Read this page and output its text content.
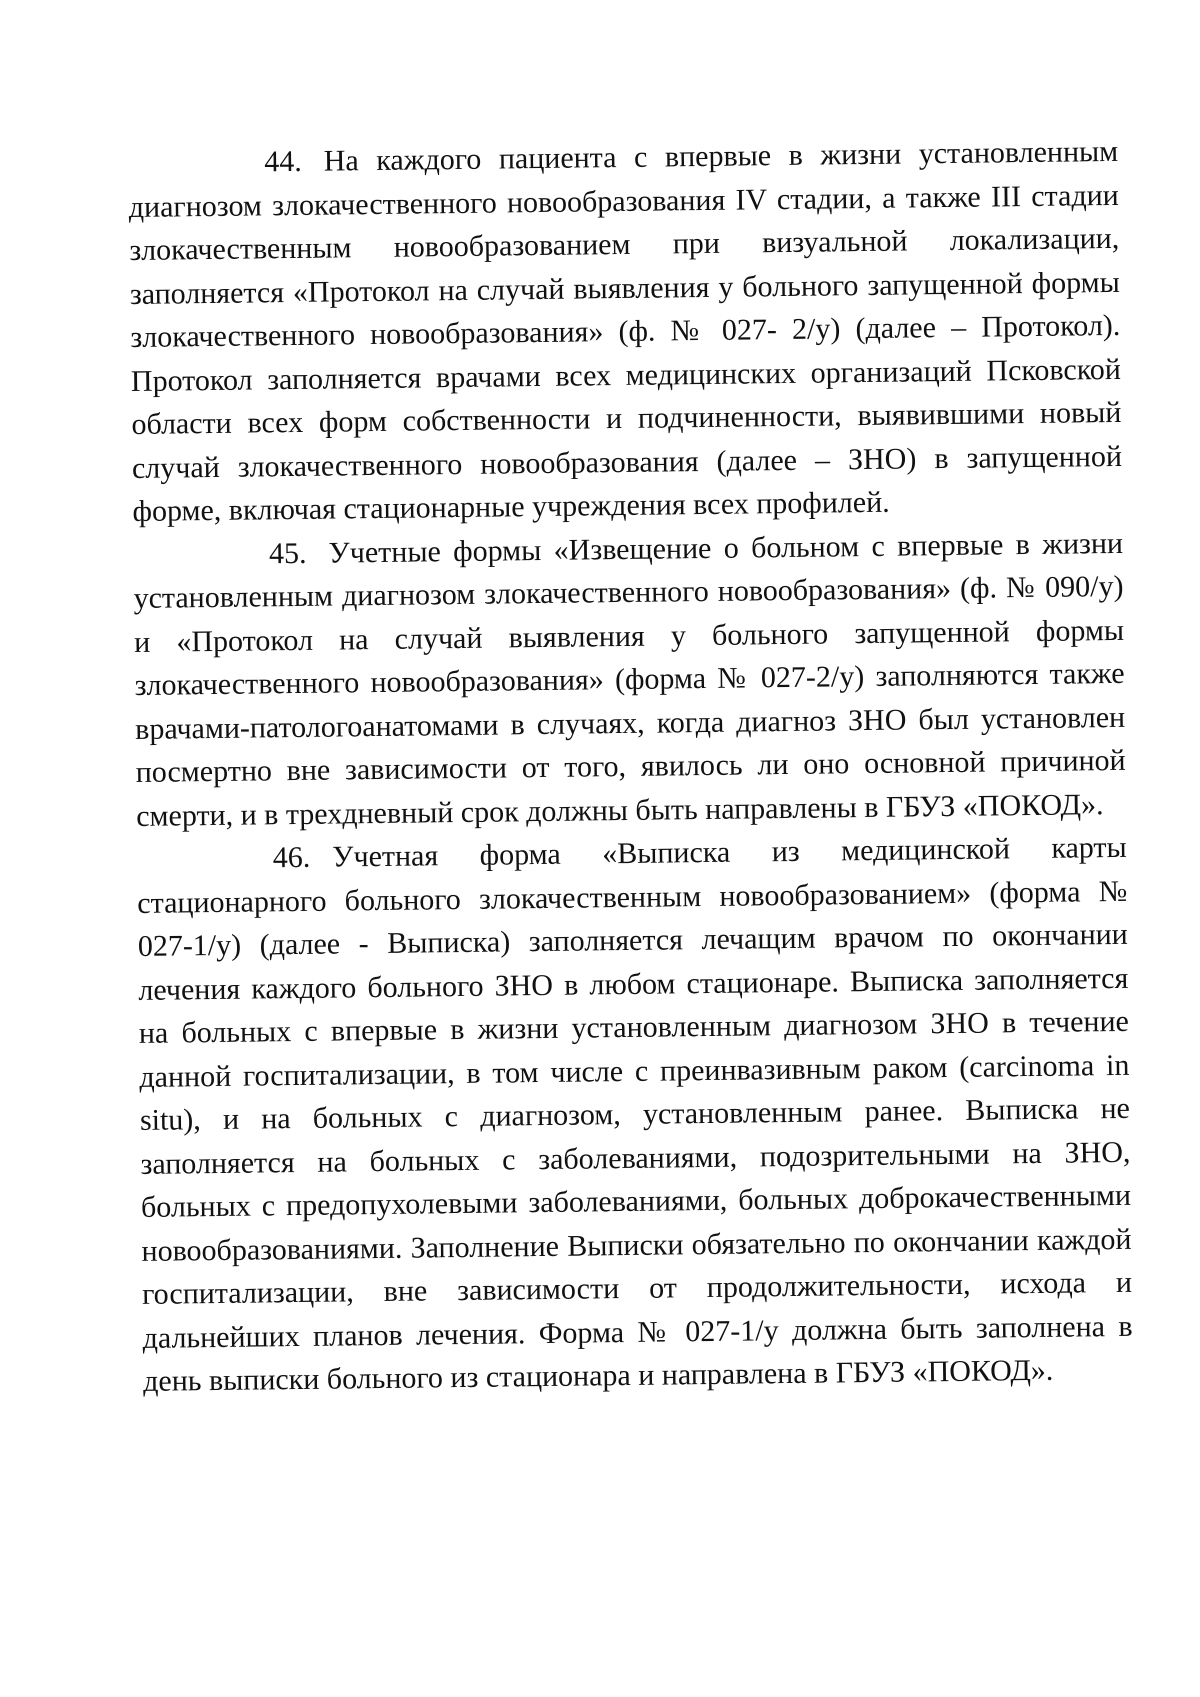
44. На каждого пациента с впервые в жизни установленным диагнозом злокачественного новообразования IV стадии, а также III стадии злокачественным новообразованием при визуальной локализации, заполняется «Протокол на случай выявления у больного запущенной формы злокачественного новообразования» (ф. № 027- 2/у) (далее – Протокол). Протокол заполняется врачами всех медицинских организаций Псковской области всех форм собственности и подчиненности, выявившими новый случай злокачественного новообразования (далее – ЗНО) в запущенной форме, включая стационарные учреждения всех профилей.

45. Учетные формы «Извещение о больном с впервые в жизни установленным диагнозом злокачественного новообразования» (ф. № 090/у) и «Протокол на случай выявления у больного запущенной формы злокачественного новообразования» (форма № 027-2/у) заполняются также врачами-патологоанатомами в случаях, когда диагноз ЗНО был установлен посмертно вне зависимости от того, явилось ли оно основной причиной смерти, и в трехдневный срок должны быть направлены в ГБУЗ «ПОКОД».

46. Учетная форма «Выписка из медицинской карты стационарного больного злокачественным новообразованием» (форма № 027-1/у) (далее - Выписка) заполняется лечащим врачом по окончании лечения каждого больного ЗНО в любом стационаре. Выписка заполняется на больных с впервые в жизни установленным диагнозом ЗНО в течение данной госпитализации, в том числе с преинвазивным раком (carcinoma in situ), и на больных с диагнозом, установленным ранее. Выписка не заполняется на больных с заболеваниями, подозрительными на ЗНО, больных с предопухолевыми заболеваниями, больных доброкачественными новообразованиями. Заполнение Выписки обязательно по окончании каждой госпитализации, вне зависимости от продолжительности, исхода и дальнейших планов лечения. Форма № 027-1/у должна быть заполнена в день выписки больного из стационара и направлена в ГБУЗ «ПОКОД».
